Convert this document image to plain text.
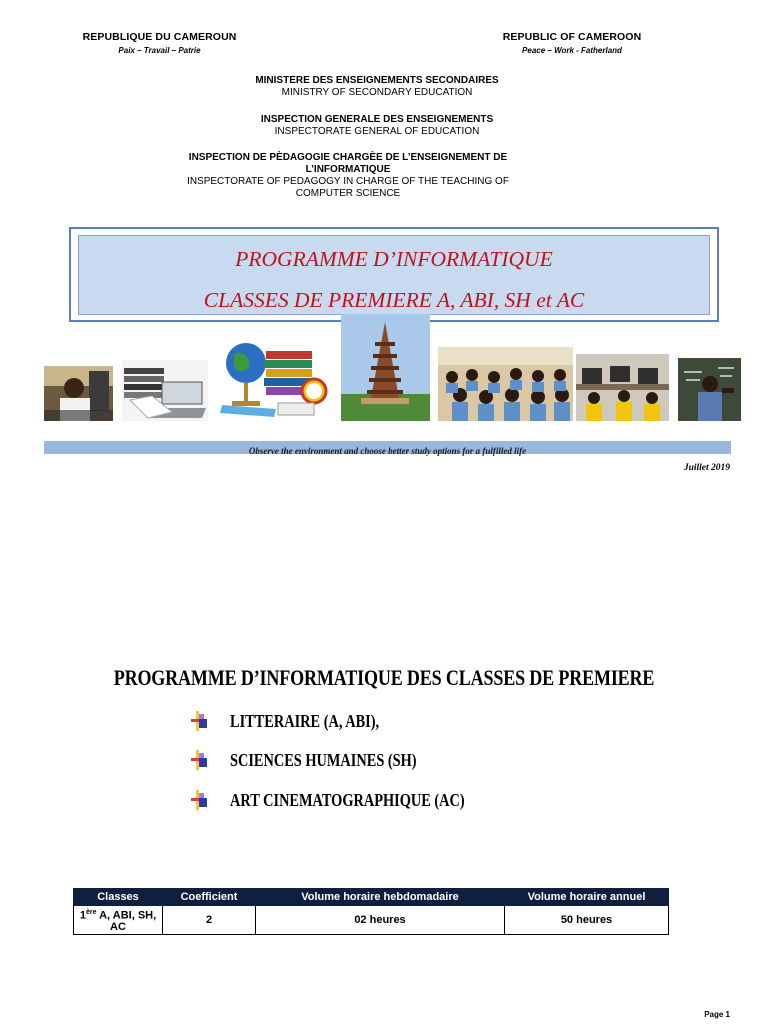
REPUBLIQUE DU CAMEROUN
Paix – Travail – Patrie
REPUBLIC OF CAMEROON
Peace – Work - Fatherland
MINISTERE DES ENSEIGNEMENTS SECONDAIRES
MINISTRY OF SECONDARY EDUCATION
INSPECTION GENERALE DES ENSEIGNEMENTS
INSPECTORATE GENERAL OF EDUCATION
INSPECTION DE PÈDAGOGIE CHARGÈE DE L’ENSEIGNEMENT DE L’INFORMATIQUE
INSPECTORATE OF PEDAGOGY IN CHARGE OF THE TEACHING OF COMPUTER SCIENCE
PROGRAMME D’INFORMATIQUE
CLASSES DE PREMIERE A, ABI, SH et AC
Observe the environment and choose better study options for a fulfilled life
Juillet 2019
PROGRAMME D’INFORMATIQUE DES CLASSES DE PREMIERE
LITTERAIRE (A, ABI),
SCIENCES HUMAINES (SH)
ART CINEMATOGRAPHIQUE (AC)
Classes	Coefficient	Volume horaire hebdomadaire	Volume horaire annuel
1ère A, ABI, SH, AC	2	02 heures	50 heures
Page 1
